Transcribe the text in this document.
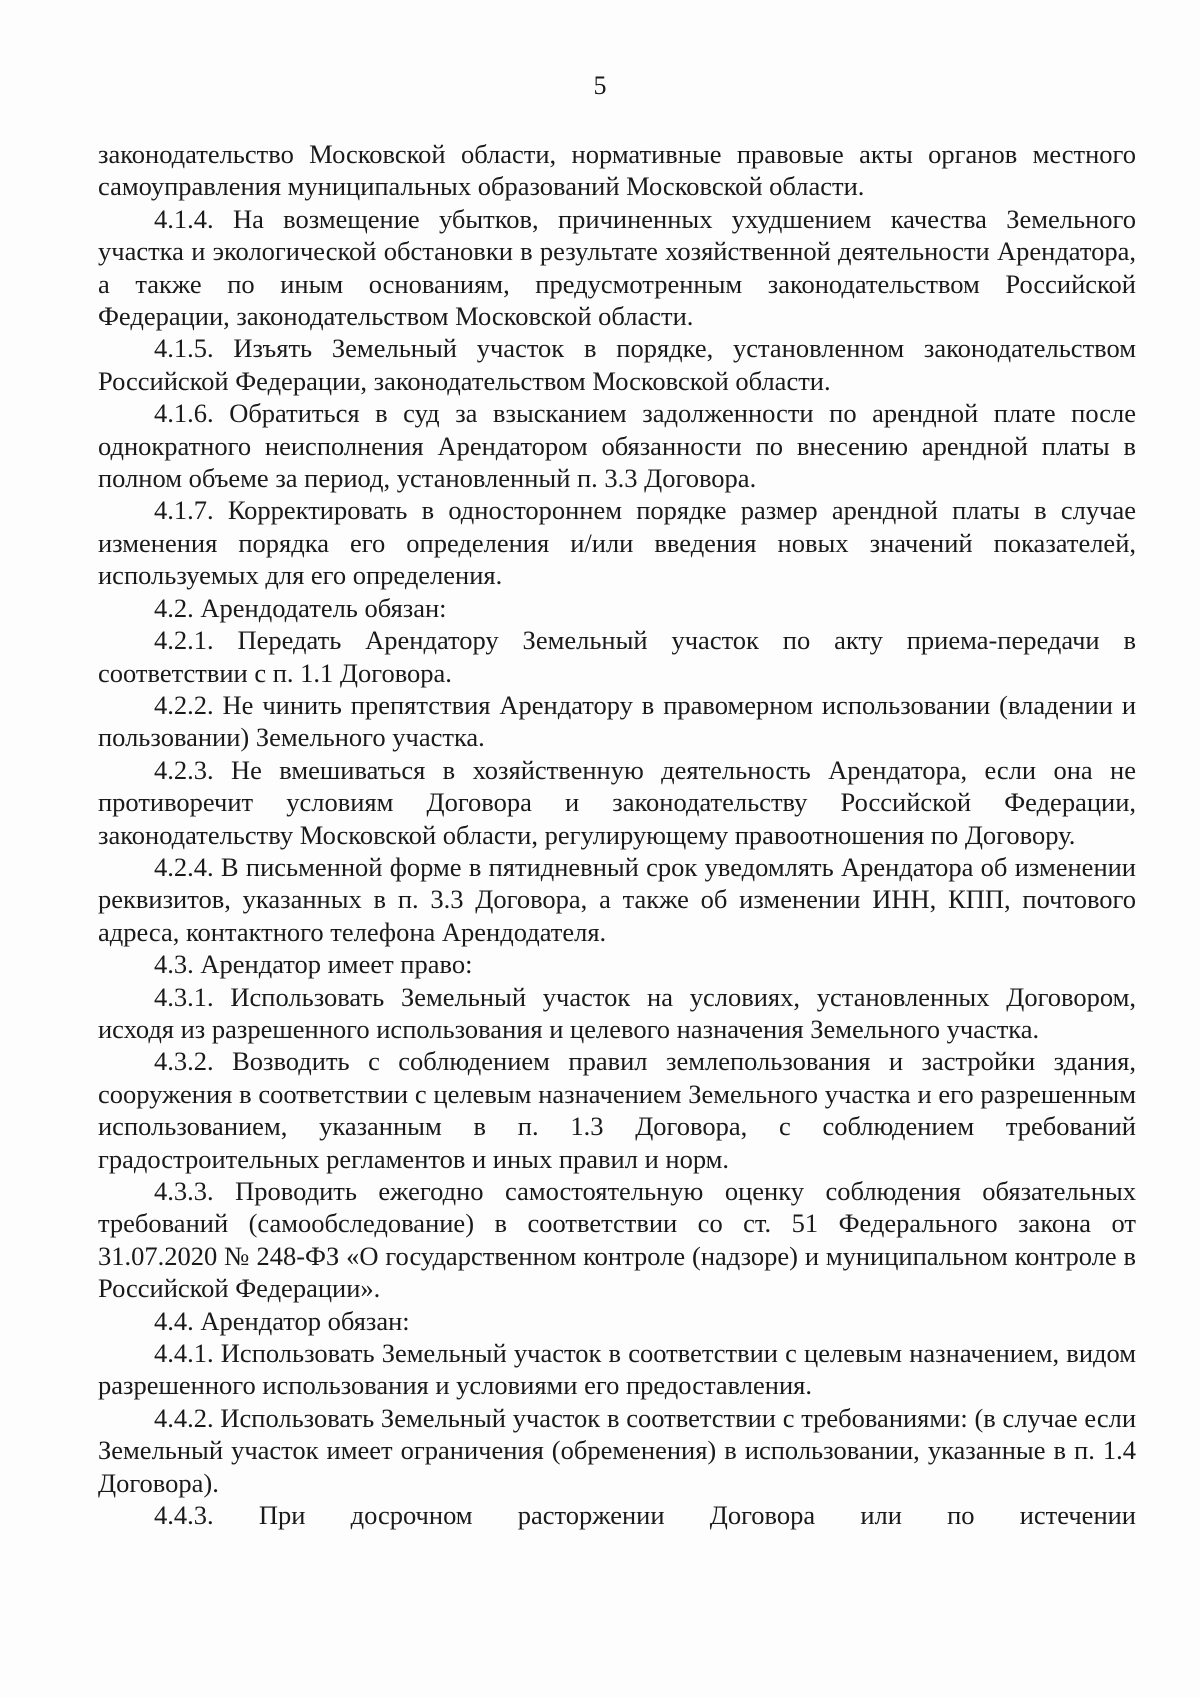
5

законодательство Московской области, нормативные правовые акты органов местного самоуправления муниципальных образований Московской области.

4.1.4. На возмещение убытков, причиненных ухудшением качества Земельного участка и экологической обстановки в результате хозяйственной деятельности Арендатора, а также по иным основаниям, предусмотренным законодательством Российской Федерации, законодательством Московской области.

4.1.5. Изъять Земельный участок в порядке, установленном законодательством Российской Федерации, законодательством Московской области.

4.1.6. Обратиться в суд за взысканием задолженности по арендной плате после однократного неисполнения Арендатором обязанности по внесению арендной платы в полном объеме за период, установленный п. 3.3 Договора.

4.1.7. Корректировать в одностороннем порядке размер арендной платы в случае изменения порядка его определения и/или введения новых значений показателей, используемых для его определения.

4.2. Арендодатель обязан:

4.2.1. Передать Арендатору Земельный участок по акту приема-передачи в соответствии с п. 1.1 Договора.

4.2.2. Не чинить препятствия Арендатору в правомерном использовании (владении и пользовании) Земельного участка.

4.2.3. Не вмешиваться в хозяйственную деятельность Арендатора, если она не противоречит условиям Договора и законодательству Российской Федерации, законодательству Московской области, регулирующему правоотношения по Договору.

4.2.4. В письменной форме в пятидневный срок уведомлять Арендатора об изменении реквизитов, указанных в п. 3.3 Договора, а также об изменении ИНН, КПП, почтового адреса, контактного телефона Арендодателя.

4.3. Арендатор имеет право:

4.3.1. Использовать Земельный участок на условиях, установленных Договором, исходя из разрешенного использования и целевого назначения Земельного участка.

4.3.2. Возводить с соблюдением правил землепользования и застройки здания, сооружения в соответствии с целевым назначением Земельного участка и его разрешенным использованием, указанным в п. 1.3 Договора, с соблюдением требований градостроительных регламентов и иных правил и норм.

4.3.3. Проводить ежегодно самостоятельную оценку соблюдения обязательных требований (самообследование) в соответствии со ст. 51 Федерального закона от 31.07.2020 № 248-ФЗ «О государственном контроле (надзоре) и муниципальном контроле в Российской Федерации».

4.4. Арендатор обязан:

4.4.1. Использовать Земельный участок в соответствии с целевым назначением, видом разрешенного использования и условиями его предоставления.

4.4.2. Использовать Земельный участок в соответствии с требованиями: (в случае если Земельный участок имеет ограничения (обременения) в использовании, указанные в п. 1.4 Договора).

4.4.3. При досрочном расторжении Договора или по истечении
